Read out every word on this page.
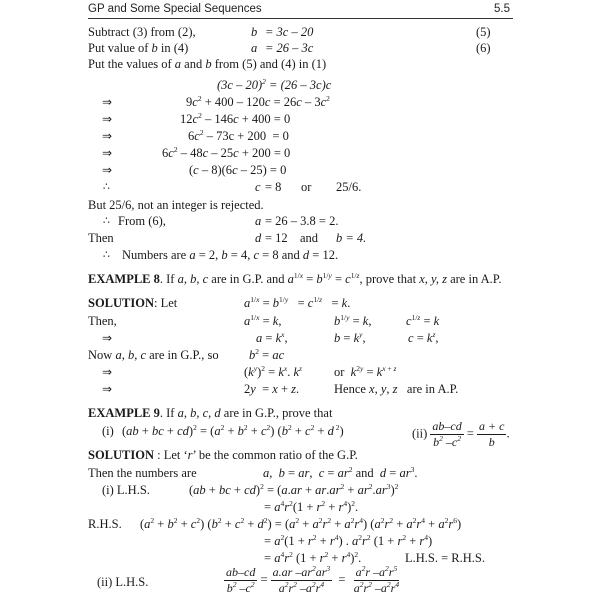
GP and Some Special Sequences	5.5
Subtract (3) from (2),	b = 3c – 20	(5)
Put value of b in (4)	a = 26 – 3c	(6)
Put the values of a and b from (5) and (4) in (1)
(3c – 20)$^2$ = (26 – 3c)c
⇒	$9c^2 + 400 - 120c = 26c - 3c^2$
⇒	$12c^2 - 146c + 400 = 0$
⇒	$6c^2 - 73c + 200 = 0$
⇒	$6c^2 - 48c - 25c + 200 = 0$
⇒	(c – 8)(6c – 25) = 0
∴	c = 8 or 25/6.
But 25/6, not an integer is rejected.
∴ From (6),	a = 26 – 3.8 = 2.
Then	d = 12 and b = 4.
∴ Numbers are a = 2, b = 4, c = 8 and d = 12.
EXAMPLE 8. If a, b, c are in G.P. and $a^{1/x} = b^{1/y} = c^{1/z}$, prove that x, y, z are in A.P.
SOLUTION: Let	$a^{1/x} = b^{1/y} = c^{1/z} = k$.
Then,	$a^{1/x} = k$,	$b^{1/y} = k$,	$c^{1/z} = k$
⇒	$a = k^x$,	$b = k^y$,	$c = k^z$,
Now a, b, c are in G.P., so $b^2$ = ac
⇒	$(k^y)^2 = k^x$. $k^z$	or  $k^{2y} = k^{x + z}$
⇒	2y  = x + z.	Hence x, y, z   are in A.P.
EXAMPLE 9. If a, b, c, d are in G.P., prove that
(i) (ab + bc + $cd)^2 = (a^2 + b^2 + c^2) (b^2 + c^2 + d$ $^2$)	$(ii) \frac{ab-cd}{b^2 -c^2} = \frac{a + c}{b}$ .
SOLUTION : Let ‘r’ be the common ratio of the G.P.
Then the numbers are	a,  b = ar,  $c = ar^2$ and  $d = ar^3$.
(i) L.H.S.	(ab + bc + $cd)^2 = (a.ar + ar.ar^2 + ar^2.ar^3)^2$
= $a^4r^2(1 + r^2 + r^4)^2$.
R.H.S. $(a^2 + b^2 + c^2) (b^2 + c^2 + d^2) = (a^2 + a^2r^2 + a^2r^4) (a^2r^2 + a^2r^4 + a^2r^6)$
= $a^2(1 + r^2 + r^4)$ . $a^2r^2$ $(1 + r^2 + r^4)$
= $a^4r^2$ $(1 + r^2 + r^4)^2$.	L.H.S. = R.H.S.
(ii) L.H.S.	$\frac{ab-cd}{b^2 -c^2} = \frac{a.ar -ar^2ar^3}{a^2r^2 -a^2r^4} = \frac{a^2r -a^2r^5}{a^2r^2 -a^2r^4}$
